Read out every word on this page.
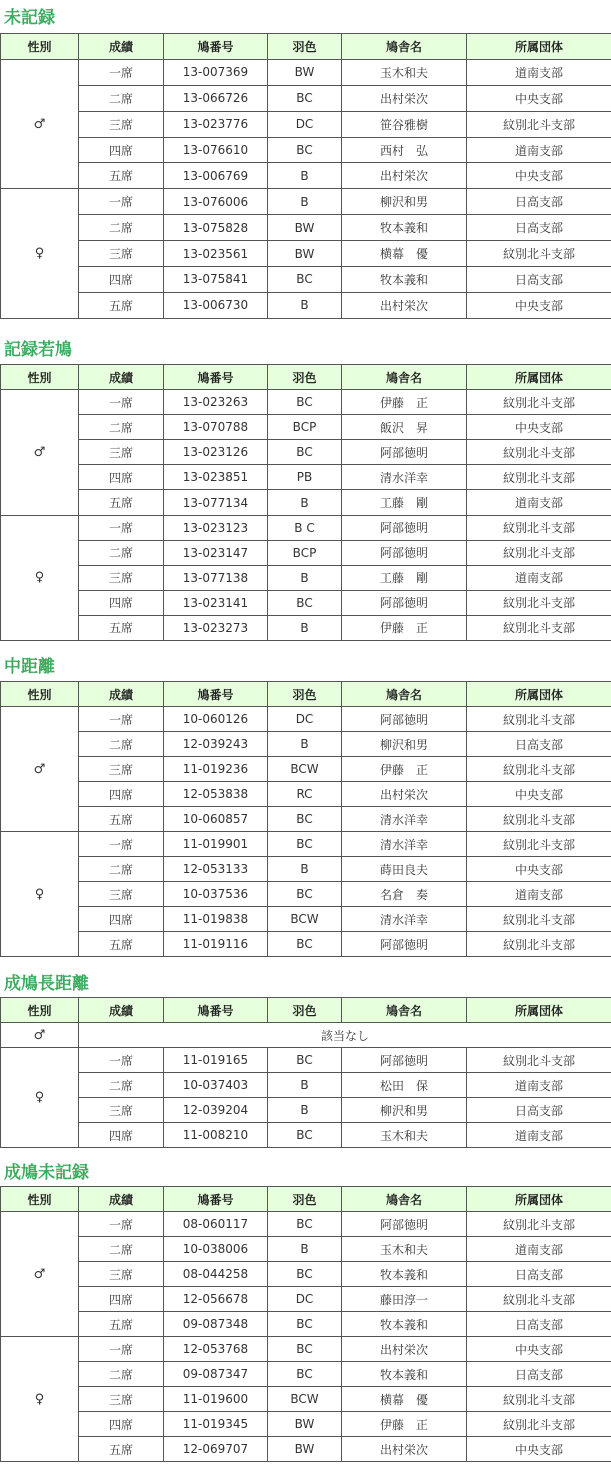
未記録
性別	成績	鳩番号	羽色	鳩舎名	所属団体
♂	一席	13-007369	BW	玉木和夫	道南支部
	二席	13-066726	BC	出村栄次	中央支部
	三席	13-023776	DC	笹谷雅樹	紋別北斗支部
	四席	13-076610	BC	西村　弘	道南支部
	五席	13-006769	B	出村栄次	中央支部
♀	一席	13-076006	B	柳沢和男	日高支部
	二席	13-075828	BW	牧本義和	日高支部
	三席	13-023561	BW	横幕　優	紋別北斗支部
	四席	13-075841	BC	牧本義和	日高支部
	五席	13-006730	B	出村栄次	中央支部
記録若鳩
性別	成績	鳩番号	羽色	鳩舎名	所属団体
♂	一席	13-023263	BC	伊藤　正	紋別北斗支部
	二席	13-070788	BCP	飯沢　昇	中央支部
	三席	13-023126	BC	阿部徳明	紋別北斗支部
	四席	13-023851	PB	清水洋幸	紋別北斗支部
	五席	13-077134	B	工藤　剛	道南支部
♀	一席	13-023123	B C	阿部徳明	紋別北斗支部
	二席	13-023147	BCP	阿部徳明	紋別北斗支部
	三席	13-077138	B	工藤　剛	道南支部
	四席	13-023141	BC	阿部徳明	紋別北斗支部
	五席	13-023273	B	伊藤　正	紋別北斗支部
中距離
性別	成績	鳩番号	羽色	鳩舎名	所属団体
♂	一席	10-060126	DC	阿部徳明	紋別北斗支部
	二席	12-039243	B	柳沢和男	日高支部
	三席	11-019236	BCW	伊藤　正	紋別北斗支部
	四席	12-053838	RC	出村栄次	中央支部
	五席	10-060857	BC	清水洋幸	紋別北斗支部
♀	一席	11-019901	BC	清水洋幸	紋別北斗支部
	二席	12-053133	B	蒔田良夫	中央支部
	三席	10-037536	BC	名倉　奏	道南支部
	四席	11-019838	BCW	清水洋幸	紋別北斗支部
	五席	11-019116	BC	阿部徳明	紋別北斗支部
成鳩長距離
性別	成績	鳩番号	羽色	鳩舎名	所属団体
♂	該当なし				
♀	一席	11-019165	BC	阿部徳明	紋別北斗支部
	二席	10-037403	B	松田　保	道南支部
	三席	12-039204	B	柳沢和男	日高支部
	四席	11-008210	BC	玉木和夫	道南支部
成鳩未記録
性別	成績	鳩番号	羽色	鳩舎名	所属団体
♂	一席	08-060117	BC	阿部徳明	紋別北斗支部
	二席	10-038006	B	玉木和夫	道南支部
	三席	08-044258	BC	牧本義和	日高支部
	四席	12-056678	DC	藤田淳一	紋別北斗支部
	五席	09-087348	BC	牧本義和	日高支部
♀	一席	12-053768	BC	出村栄次	中央支部
	二席	09-087347	BC	牧本義和	日高支部
	三席	11-019600	BCW	横幕　優	紋別北斗支部
	四席	11-019345	BW	伊藤　正	紋別北斗支部
	五席	12-069707	BW	出村栄次	中央支部
